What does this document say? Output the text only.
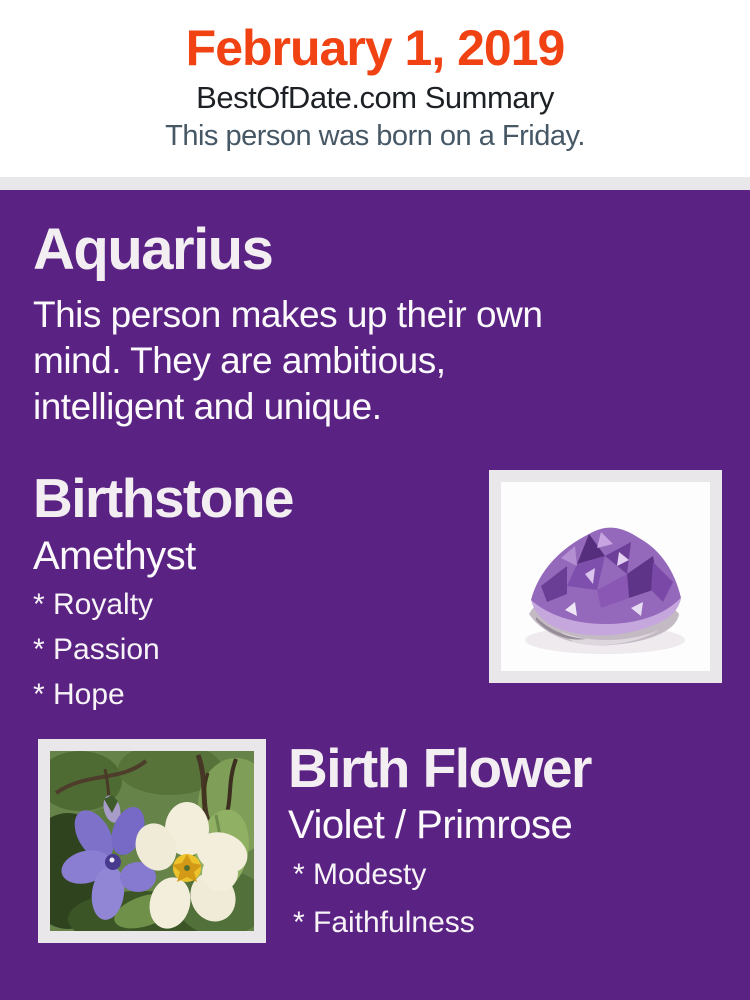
February 1, 2019
BestOfDate.com Summary
This person was born on a Friday.
Aquarius
This person makes up their own
mind. They are ambitious,
intelligent and unique.
Birthstone
Amethyst
* Royalty
* Passion
* Hope
Birth Flower
Violet / Primrose
* Modesty
* Faithfulness
